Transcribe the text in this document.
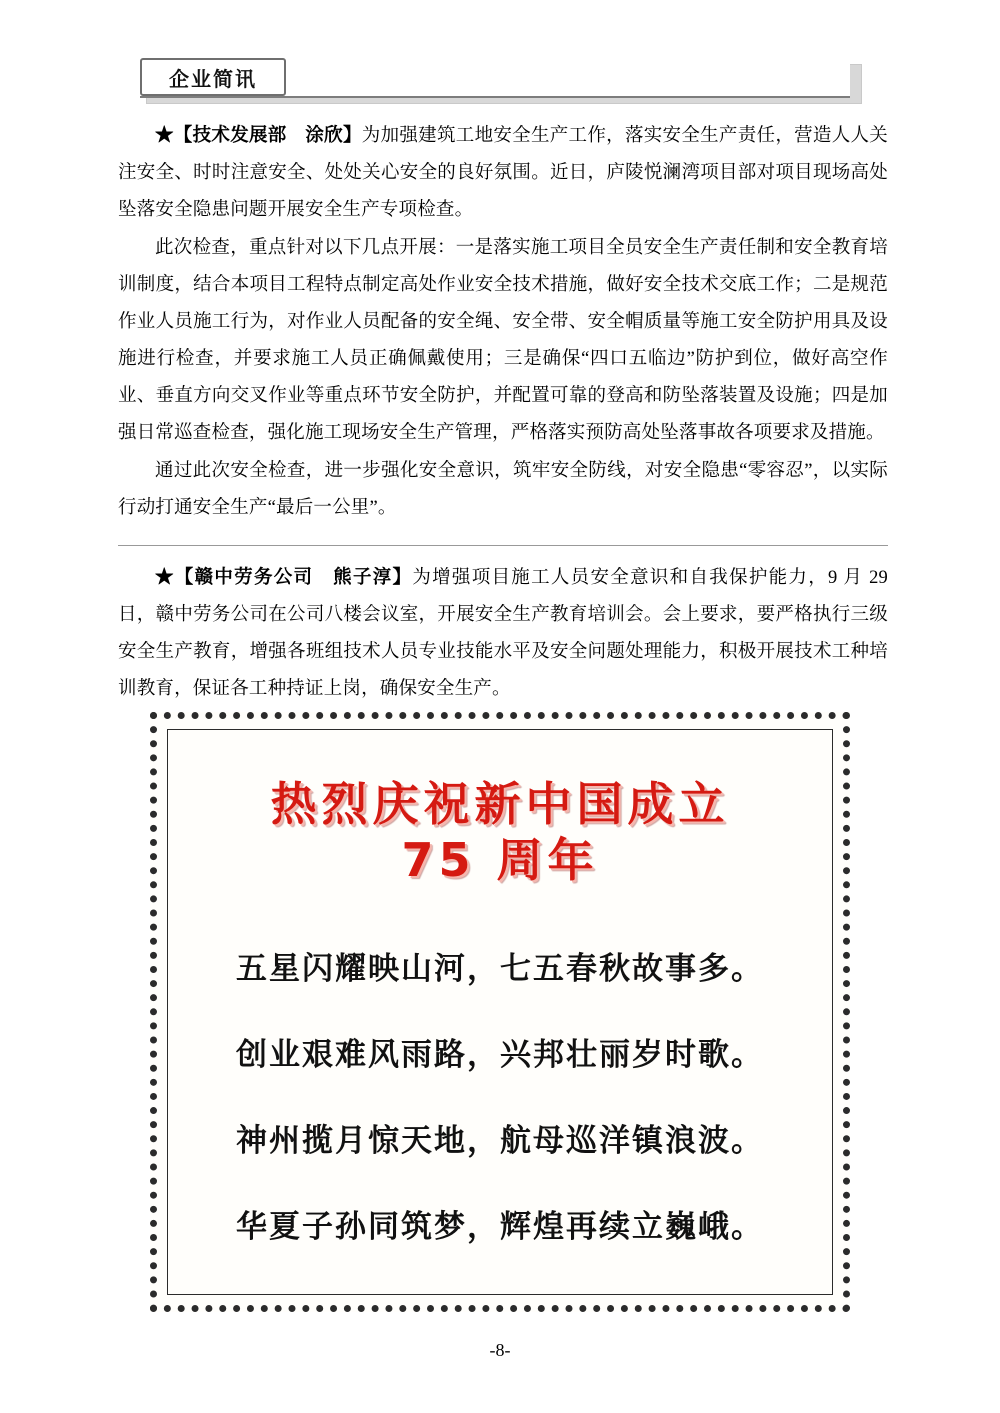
企业简讯

★【技术发展部　涂欣】为加强建筑工地安全生产工作，落实安全生产责任，营造人人关注安全、时时注意安全、处处关心安全的良好氛围。近日，庐陵悦澜湾项目部对项目现场高处坠落安全隐患问题开展安全生产专项检查。

此次检查，重点针对以下几点开展：一是落实施工项目全员安全生产责任制和安全教育培训制度，结合本项目工程特点制定高处作业安全技术措施，做好安全技术交底工作；二是规范作业人员施工行为，对作业人员配备的安全绳、安全带、安全帽质量等施工安全防护用具及设施进行检查，并要求施工人员正确佩戴使用；三是确保“四口五临边”防护到位，做好高空作业、垂直方向交叉作业等重点环节安全防护，并配置可靠的登高和防坠落装置及设施；四是加强日常巡查检查，强化施工现场安全生产管理，严格落实预防高处坠落事故各项要求及措施。

通过此次安全检查，进一步强化安全意识，筑牢安全防线，对安全隐患“零容忍”，以实际行动打通安全生产“最后一公里”。

★【赣中劳务公司　熊子淳】为增强项目施工人员安全意识和自我保护能力，9 月 29 日，赣中劳务公司在公司八楼会议室，开展安全生产教育培训会。会上要求，要严格执行三级安全生产教育，增强各班组技术人员专业技能水平及安全问题处理能力，积极开展技术工种培训教育，保证各工种持证上岗，确保安全生产。

热烈庆祝新中国成立
75 周年
五星闪耀映山河，七五春秋故事多。
创业艰难风雨路，兴邦壮丽岁时歌。
神州揽月惊天地，航母巡洋镇浪波。
华夏子孙同筑梦，辉煌再续立巍峨。
-8-
